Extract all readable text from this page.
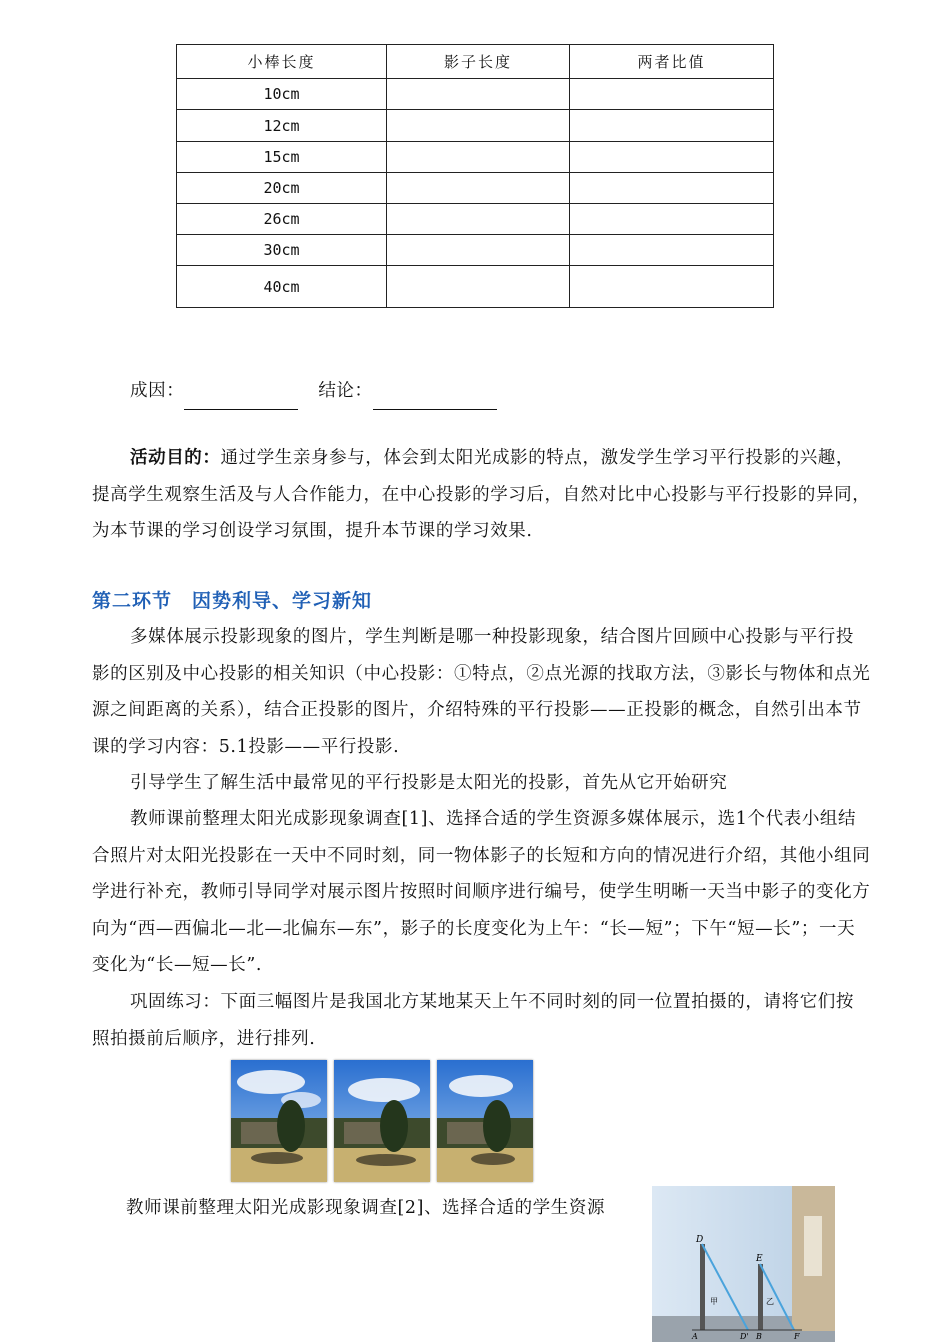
小棒长度	影子长度	两者比值
10cm		
12cm		
15cm		
20cm		
26cm		
30cm		
40cm		
成因：	结论：
活动目的：通过学生亲身参与，体会到太阳光成影的特点，激发学生学习平行投影的兴趣，提高学生观察生活及与人合作能力，在中心投影的学习后，自然对比中心投影与平行投影的异同，为本节课的学习创设学习氛围，提升本节课的学习效果.
第二环节　因势利导、学习新知
多媒体展示投影现象的图片，学生判断是哪一种投影现象，结合图片回顾中心投影与平行投影的区别及中心投影的相关知识（中心投影：①特点，②点光源的找取方法，③影长与物体和点光源之间距离的关系），结合正投影的图片，介绍特殊的平行投影——正投影的概念，自然引出本节课的学习内容：5.1投影——平行投影.
引导学生了解生活中最常见的平行投影是太阳光的投影，首先从它开始研究
教师课前整理太阳光成影现象调查[1]、选择合适的学生资源多媒体展示，选1个代表小组结合照片对太阳光投影在一天中不同时刻，同一物体影子的长短和方向的情况进行介绍，其他小组同学进行补充，教师引导同学对展示图片按照时间顺序进行编号，使学生明晰一天当中影子的变化方向为“西—西偏北—北—北偏东—东”，影子的长度变化为上午：“长—短”；下午“短—长”；一天变化为“长—短—长”.
巩固练习：下面三幅图片是我国北方某地某天上午不同时刻的同一位置拍摄的，请将它们按照拍摄前后顺序，进行排列.
教师课前整理太阳光成影现象调查[2]、选择合适的学生资源
D
E
甲	乙
A	D' B	F
